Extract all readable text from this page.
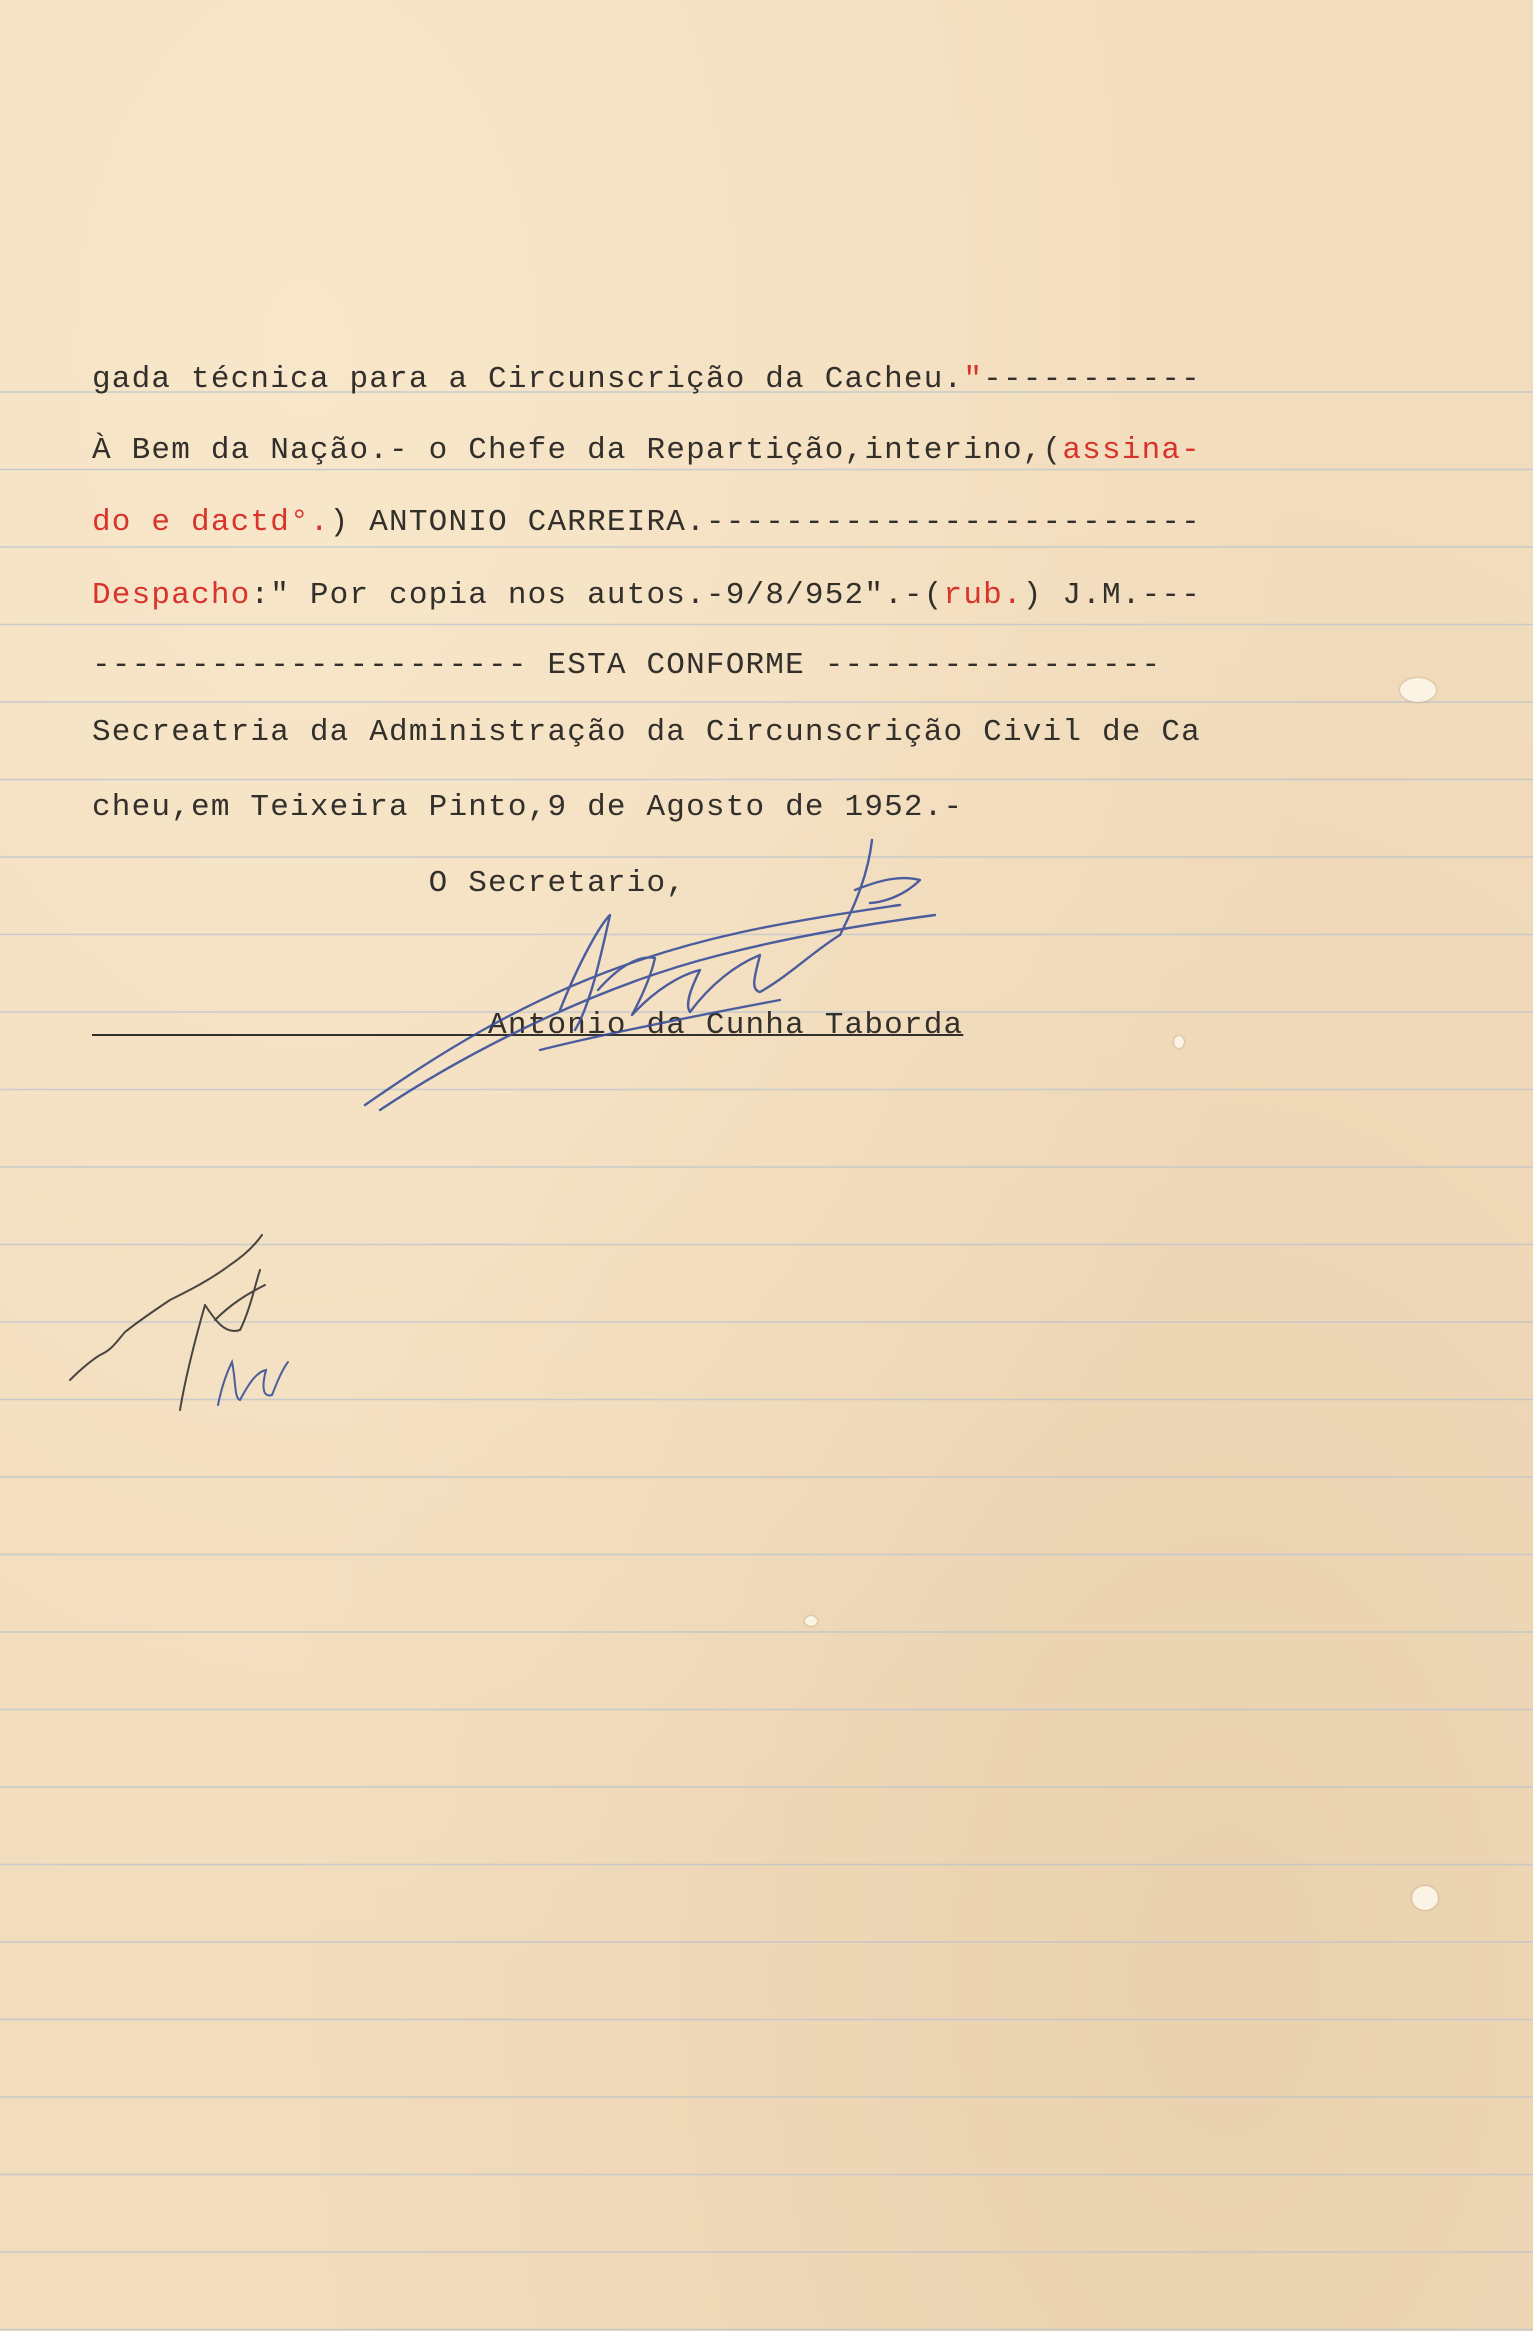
gada técnica para a Circunscrição da Cacheu."-----------
À Bem da Nação.- o Chefe da Repartição,interino,(assina-
do e dactd°.) ANTONIO CARREIRA.-------------------------
Despacho:" Por copia nos autos.-9/8/952".-(rub.) J.M.---
---------------------- ESTA CONFORME -----------------
Secreatria da Administração da Circunscrição Civil de Ca
cheu,em Teixeira Pinto,9 de Agosto de 1952.-
O Secretario,
Antonio da Cunha Taborda
